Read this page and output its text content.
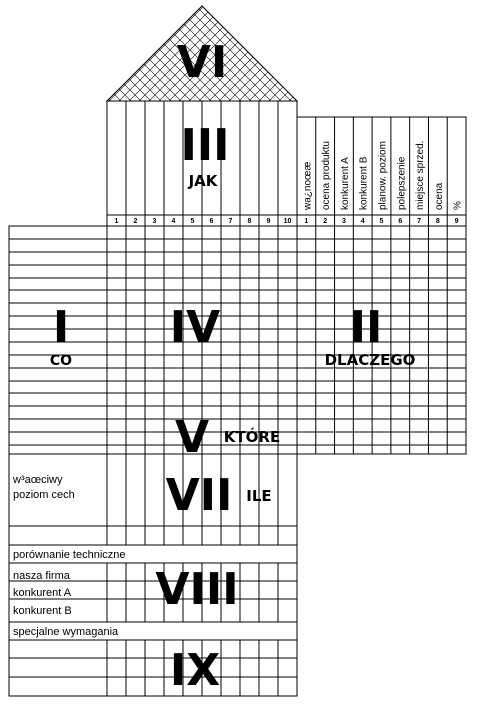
VI
1 2 3 4 5 6 7 8 9 10 1 2 3 4 5 6 7 8 9
III
JAK	wa¿noœæ ocena produktu konkurent A konkurent B planow. poziom polepszenie miejsce sprzed. ocena %
I
CO
IV	II
DLACZEGO
V KTÓRE
w³aœciwy
poziom cech VII ILE
porównanie techniczne
nasza firma
konkurent A
konkurent B VIII
specjalne wymagania
IX
